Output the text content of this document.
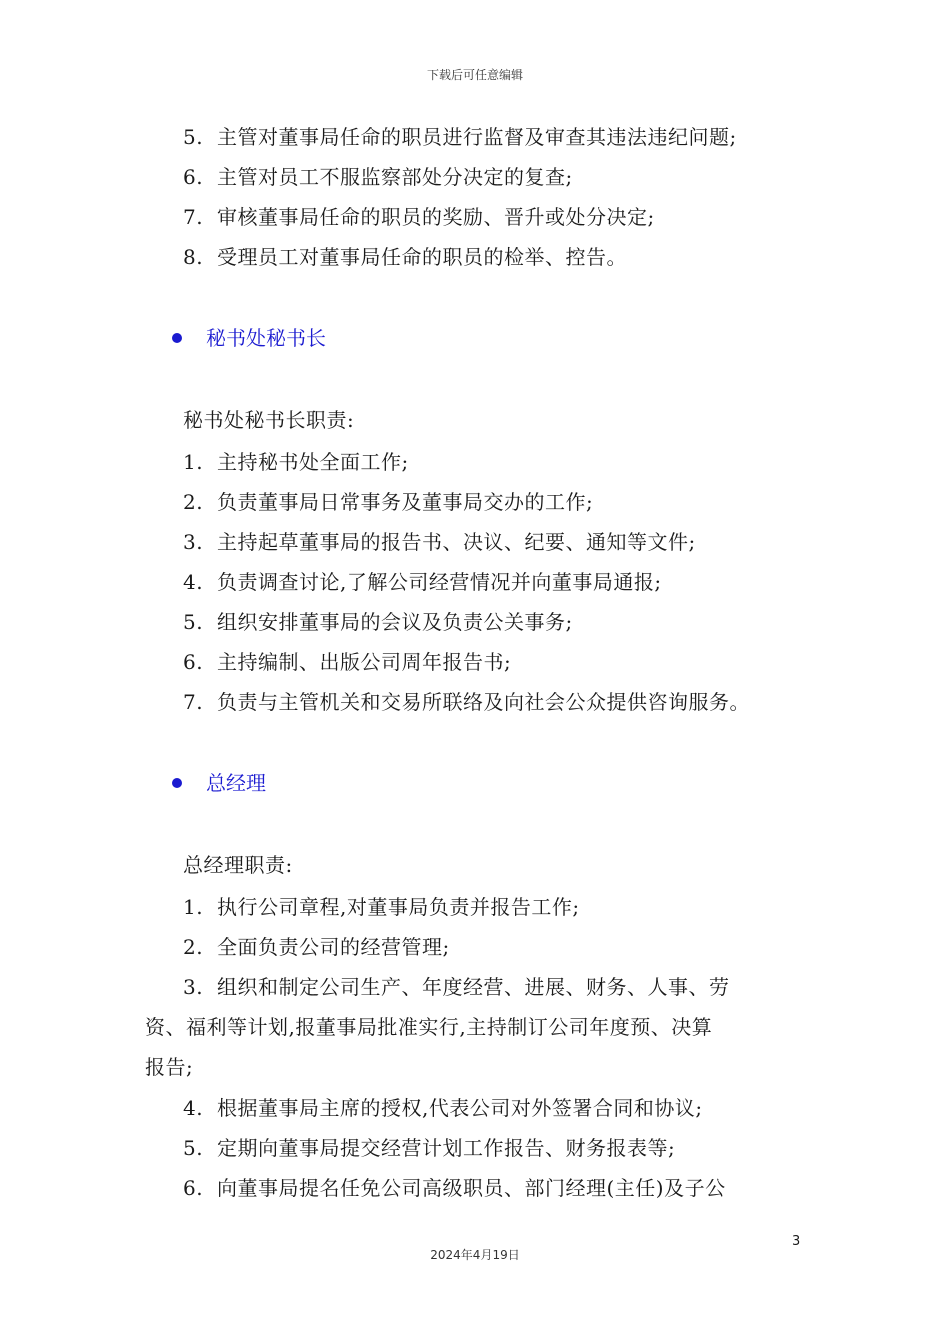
下载后可任意编辑
5. 主管对董事局任命的职员进行监督及审查其违法违纪问题;
6. 主管对员工不服监察部处分决定的复查;
7. 审核董事局任命的职员的奖励、晋升或处分决定;
8. 受理员工对董事局任命的职员的检举、控告。
秘书处秘书长
秘书处秘书长职责:
1. 主持秘书处全面工作;
2. 负责董事局日常事务及董事局交办的工作;
3. 主持起草董事局的报告书、决议、纪要、通知等文件;
4. 负责调查讨论,了解公司经营情况并向董事局通报;
5. 组织安排董事局的会议及负责公关事务;
6. 主持编制、出版公司周年报告书;
7. 负责与主管机关和交易所联络及向社会公众提供咨询服务。
总经理
总经理职责:
1. 执行公司章程,对董事局负责并报告工作;
2. 全面负责公司的经营管理;
3. 组织和制定公司生产、年度经营、进展、财务、人事、劳
资、福利等计划,报董事局批准实行,主持制订公司年度预、决算
报告;
4. 根据董事局主席的授权,代表公司对外签署合同和协议;
5. 定期向董事局提交经营计划工作报告、财务报表等;
6. 向董事局提名任免公司高级职员、部门经理(主任)及子公
3
2024年4月19日
